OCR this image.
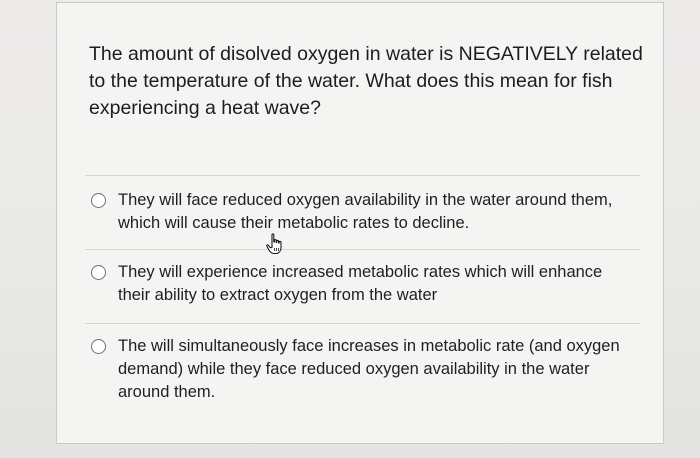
The amount of disolved oxygen in water is NEGATIVELY related to the temperature of the water. What does this mean for fish experiencing a heat wave?
They will face reduced oxygen availability in the water around them, which will cause their metabolic rates to decline.
They will experience increased metabolic rates which will enhance their ability to extract oxygen from the water
The will simultaneously face increases in metabolic rate (and oxygen demand) while they face reduced oxygen availability in the water around them.
